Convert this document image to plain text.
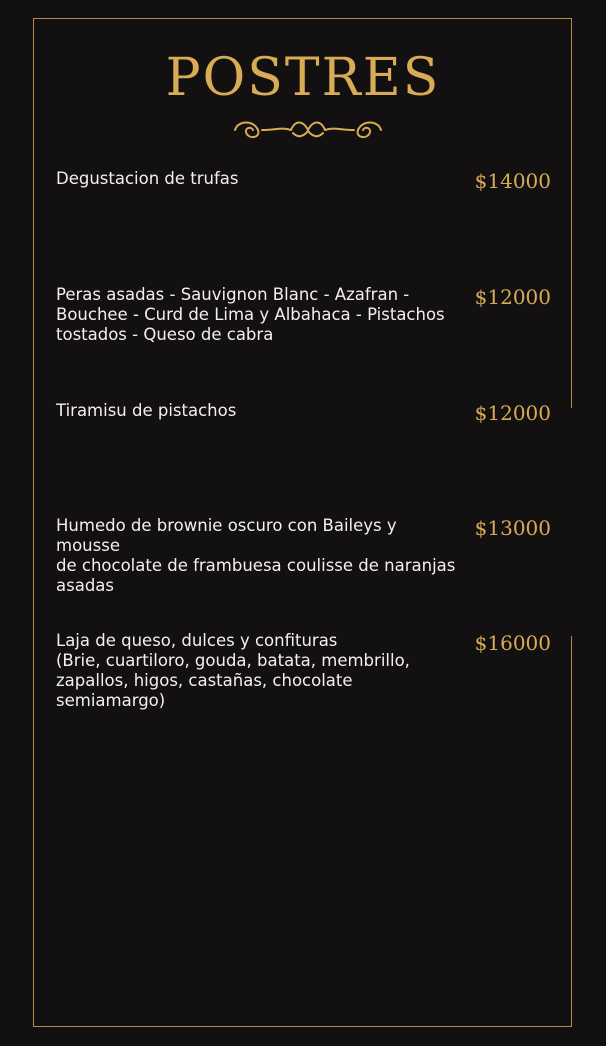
POSTRES
Degustacion de trufas	$14000
Peras asadas - Sauvignon Blanc - Azafran -
Bouchee - Curd de Lima y Albahaca - Pistachos
tostados - Queso de cabra
$12000
Tiramisu de pistachos	$12000
Humedo de brownie oscuro con Baileys y mousse
de chocolate de frambuesa coulisse de naranjas
asadas
$13000
Laja de queso, dulces y confituras
(Brie, cuartiloro, gouda, batata, membrillo,
zapallos, higos, castañas, chocolate
semiamargo)
$16000
